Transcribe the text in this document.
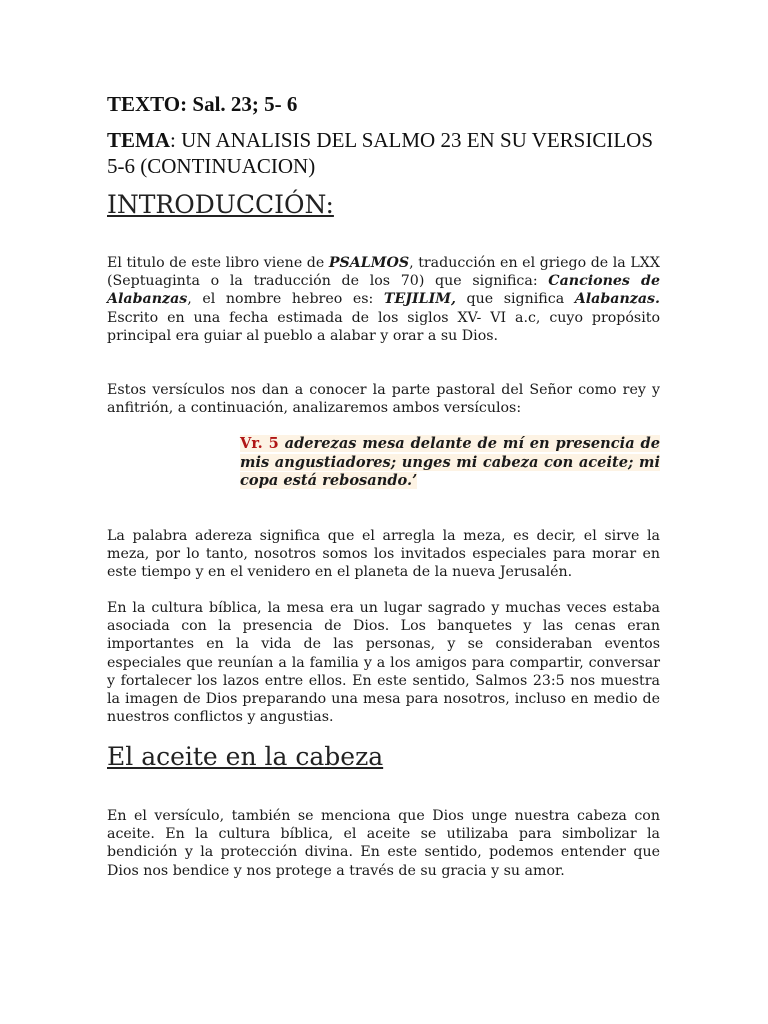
TEXTO: Sal. 23; 5- 6
TEMA: UN ANALISIS DEL SALMO 23 EN SU VERSICILOS 5-6 (CONTINUACION)
INTRODUCCIÓN:

El titulo de este libro viene de PSALMOS, traducción en el griego de la LXX (Septuaginta o la traducción de los 70) que significa: Canciones de Alabanzas, el nombre hebreo es: TEJILIM, que significa Alabanzas. Escrito en una fecha estimada de los siglos XV- VI a.c, cuyo propósito principal era guiar al pueblo a alabar y orar a su Dios.

Estos versículos nos dan a conocer la parte pastoral del Señor como rey y anfitrión, a continuación, analizaremos ambos versículos:

Vr. 5 aderezas mesa delante de mí en presencia de mis angustiadores; unges mi cabeza con aceite; mi copa está rebosando.’

La palabra adereza significa que el arregla la meza, es decir, el sirve la meza, por lo tanto, nosotros somos los invitados especiales para morar en este tiempo y en el venidero en el planeta de la nueva Jerusalén.

En la cultura bíblica, la mesa era un lugar sagrado y muchas veces estaba asociada con la presencia de Dios. Los banquetes y las cenas eran importantes en la vida de las personas, y se consideraban eventos especiales que reunían a la familia y a los amigos para compartir, conversar y fortalecer los lazos entre ellos. En este sentido, Salmos 23:5 nos muestra la imagen de Dios preparando una mesa para nosotros, incluso en medio de nuestros conflictos y angustias.

El aceite en la cabeza

En el versículo, también se menciona que Dios unge nuestra cabeza con aceite. En la cultura bíblica, el aceite se utilizaba para simbolizar la bendición y la protección divina. En este sentido, podemos entender que Dios nos bendice y nos protege a través de su gracia y su amor.
